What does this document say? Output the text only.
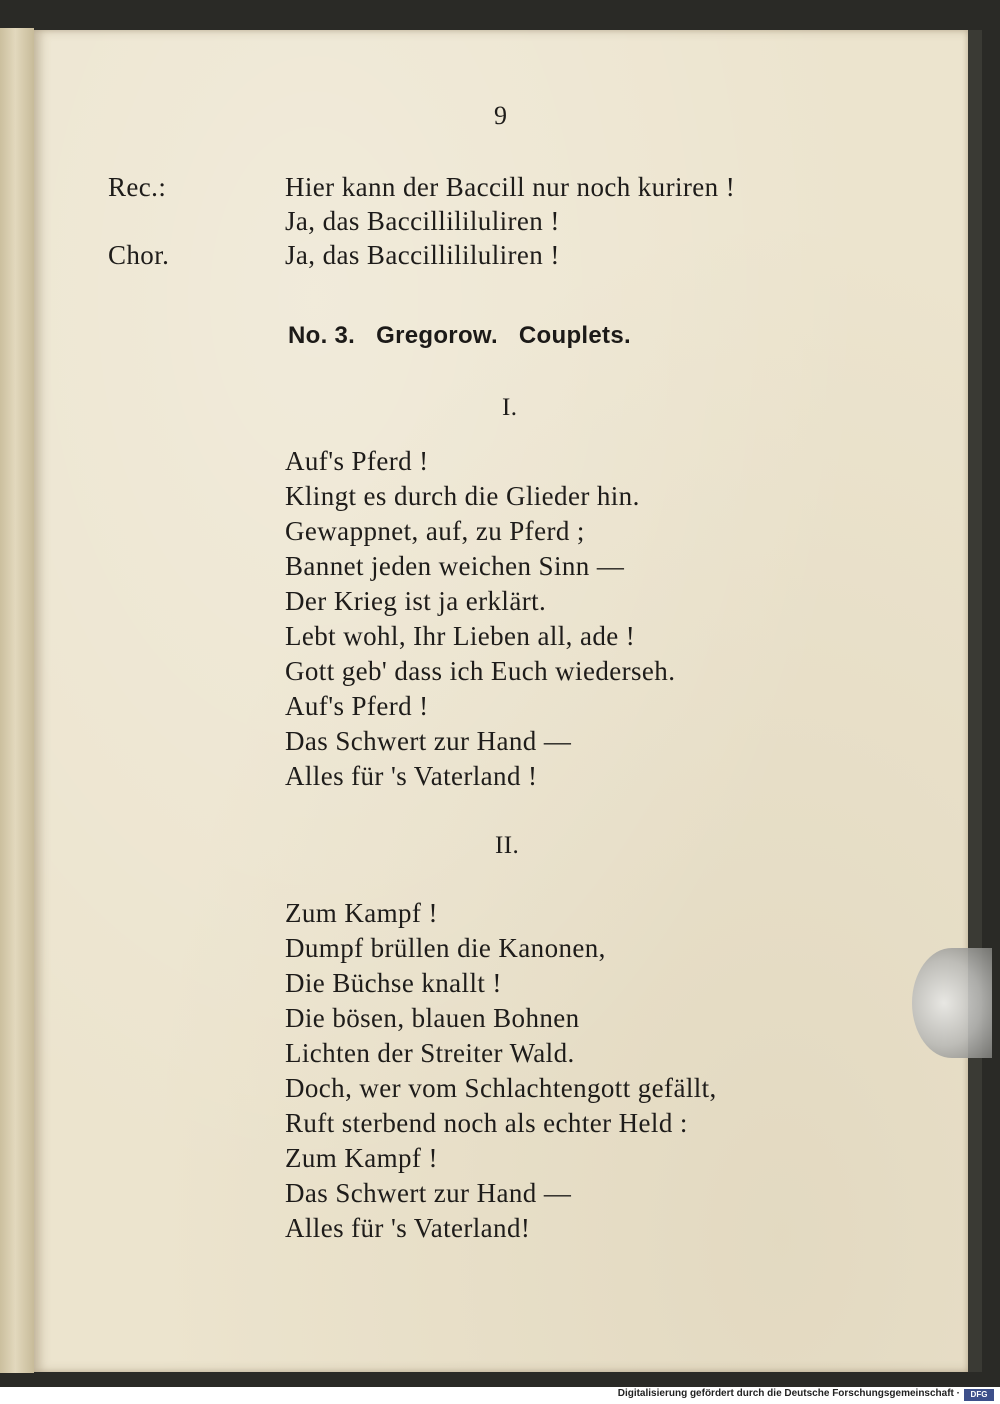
9
Rec.:	Hier kann der Baccill nur noch kuriren !
Ja, das Baccillililuliren !
Chor.	Ja, das Baccillililuliren !
No. 3. Gregorow. Couplets.
I.
Auf's Pferd !
Klingt es durch die Glieder hin.
Gewappnet, auf, zu Pferd ;
Bannet jeden weichen Sinn —
Der Krieg ist ja erklärt.
Lebt wohl, Ihr Lieben all, ade !
Gott geb' dass ich Euch wiederseh.
Auf's Pferd !
Das Schwert zur Hand —
Alles für 's Vaterland !
II.
Zum Kampf !
Dumpf brüllen die Kanonen,
Die Büchse knallt !
Die bösen, blauen Bohnen
Lichten der Streiter Wald.
Doch, wer vom Schlachtengott gefällt,
Ruft sterbend noch als echter Held :
Zum Kampf !
Das Schwert zur Hand —
Alles für 's Vaterland!
Digitalisierung gefördert durch die Deutsche Forschungsgemeinschaft ·	DFG
